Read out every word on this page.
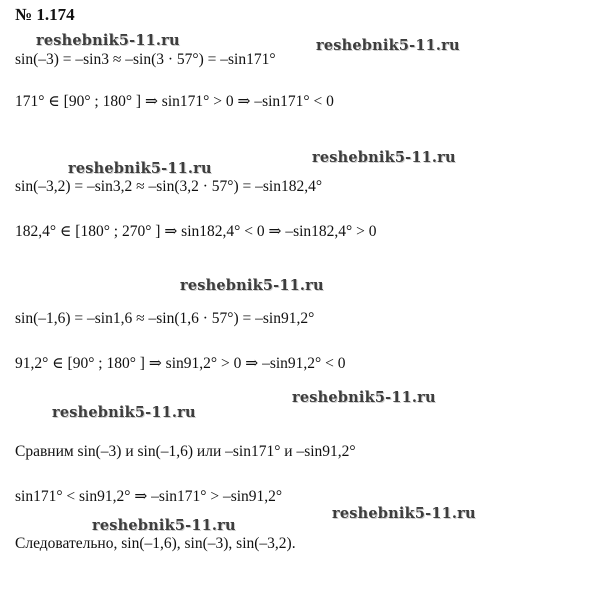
№ 1.174
reshebnik5-11.ru	reshebnik5-11.ru
reshebnik5-11.ru
reshebnik5-11.ru
reshebnik5-11.ru
reshebnik5-11.ru
reshebnik5-11.ru
reshebnik5-11.ru
reshebnik5-11.ru
sin(–3) = –sin3 ≈ –sin(3 · 57°) = –sin171°
171° ∈ [90° ; 180° ] ⇒ sin171° > 0 ⇒ –sin171° < 0
sin(–3,2) = –sin3,2 ≈ –sin(3,2 · 57°) = –sin182,4°
182,4° ∈ [180° ; 270° ] ⇒ sin182,4° < 0 ⇒ –sin182,4° > 0
sin(–1,6) = –sin1,6 ≈ –sin(1,6 · 57°) = –sin91,2°
91,2° ∈ [90° ; 180° ] ⇒ sin91,2° > 0 ⇒ –sin91,2° < 0
Сравним sin(–3) и sin(–1,6) или –sin171° и –sin91,2°
sin171° < sin91,2° ⇒ –sin171° > –sin91,2°
Следовательно, sin(–1,6), sin(–3), sin(–3,2).
